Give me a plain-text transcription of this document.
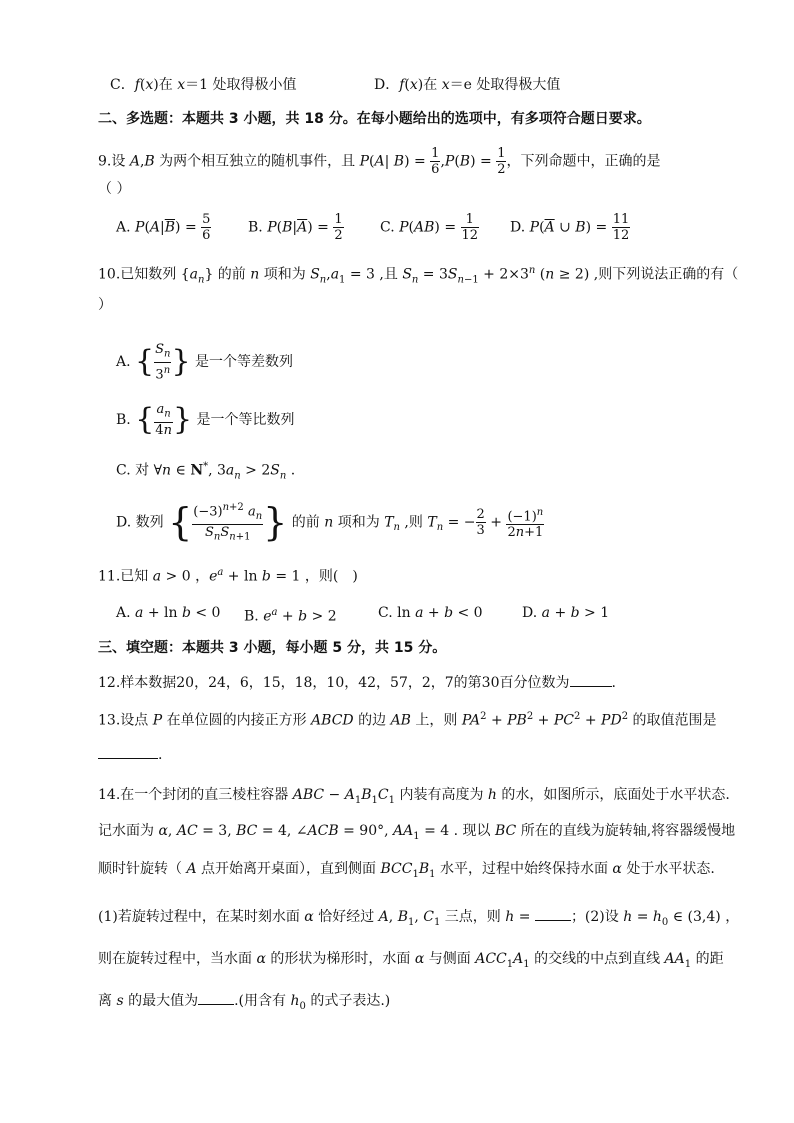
C．f(x)在 x＝1 处取得极小值	D．f(x)在 x＝e 处取得极大值
二、多选题：本题共 3 小题，共 18 分。在每小题给出的选项中，有多项符合题日要求。
9.设 A,B 为两个相互独立的随机事件，且 P(A| $B) = \frac{1}{6} ,P(B) = \frac{1}{2}$ ，下列命题中，正确的是
（ ）
A. $P(A|\overline{B}) = \frac{5}{6}$	B. $P(B|\overline{A}) = \frac{1}{2}$	C. $P(AB) = \frac{1}{12} D$. $P(\overline{A}$ ∪ $B) = \frac{11}{12}$
10.已知数列 $\{a_n\}$ 的前 n 项和为 $S_n,a_1 = 3$ ,且 $S_n = 3S_{n-1} + 2\times 3^n$ (n ≥ 2) ,则下列说法正确的有（
）
A. { $\frac{S_n}{3^n}$ } 是一个等差数列
B. { $\frac{a_n}{4n}$ } 是一个等比数列
C. 对 ∀n ∈ N*, $3a_n > 2S_n$ .
D. 数列 { $\frac{(-3)^{n+2} a_n}{S_nS_{n+1}}$ } 的前 n 项和为 $T_n$ ,则 $T_n$ = − $\frac{2}{3} + \frac{(-1)^n}{2n+1}$
11.已知 a > 0 ，$e^a + \ln b = 1$ ，则(　)
A. a + ln b < 0 B. $e^a + b > 2$	C. ln a + b < 0	D. a + b > 1
三、填空题：本题共 3 小题，每小题 5 分，共 15 分。
12.样本数据20，24，6，15，18，10，42，57，2，7的第30百分位数为	.
13.设点 P 在单位圆的内接正方形 ABCD 的边 AB 上，则 $PA^2 + PB^2 + PC^2 + PD^2$ 的取值范围是
.
14.在一个封闭的直三棱柱容器 ABC − $A_1B_1C_1$ 内装有高度为 h 的水，如图所示，底面处于水平状态.
记水面为 α, AC = 3, BC = 4, ∠ACB = 90°, $AA_1 = 4$ . 现以 BC 所在的直线为旋转轴,将容器缓慢地
顺时针旋转（ A 点开始离开桌面），直到侧面 $BCC_1B_1$ 水平，过程中始终保持水面 α 处于水平状态.
(1)若旋转过程中，在某时刻水面 α 恰好经过 A, $B_1$, $C_1$ 三点，则 h =	；(2)设 $h = h_0$ ∈ (3,4) ，
则在旋转过程中，当水面 α 的形状为梯形时，水面 α 与侧面 $ACC_1A_1$ 的交线的中点到直线 $AA_1$ 的距
离 s 的最大值为	.(用含有 $h_0$ 的式子表达.)
